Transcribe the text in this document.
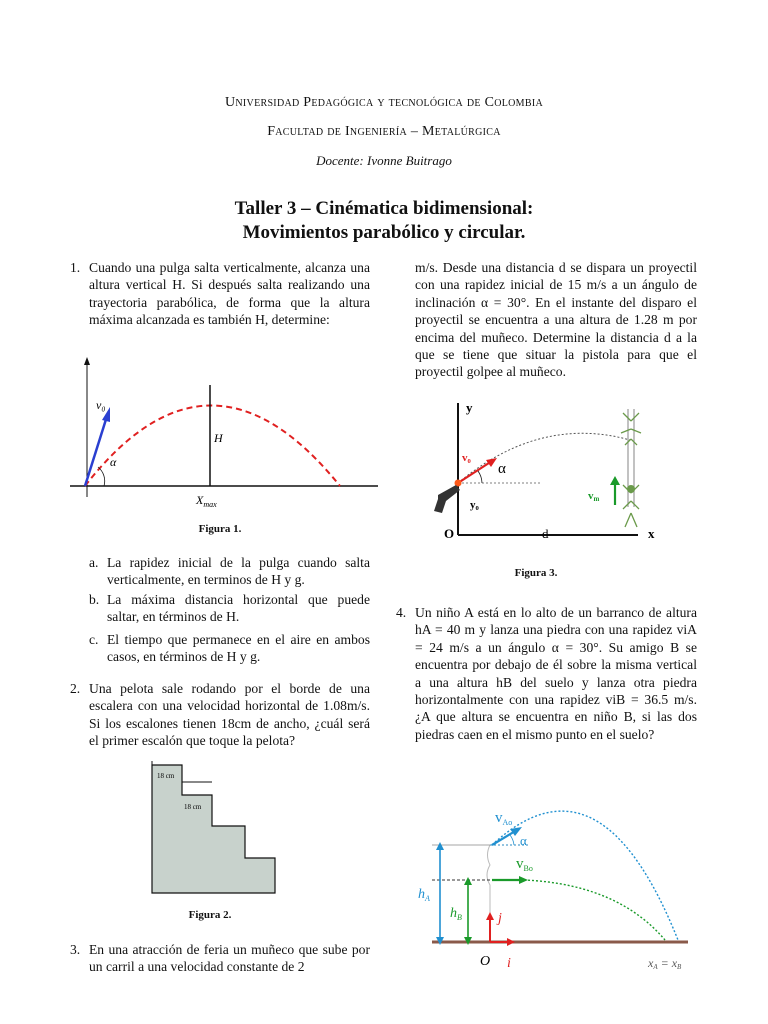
Universidad Pedagógica y tecnológica de Colombia
Facultad de Ingeniería – Metalúrgica
Docente: Ivonne Buitrago
Taller 3 – Cinématica bidimensional:
Movimientos parabólico y circular.
1. Cuando una pulga salta verticalmente, alcanza una altura vertical H. Si después salta realizando una trayectoria parabólica, de forma que la altura máxima alcanzada es también H, determine:
v₀
α
H
$X_{max}$
Figura 1.
a. La rapidez inicial de la pulga cuando salta verticalmente, en terminos de H y g.
b. La máxima distancia horizontal que puede saltar, en términos de H.
c. El tiempo que permanece en el aire en ambos casos, en términos de H y g.
2. Una pelota sale rodando por el borde de una escalera con una velocidad horizontal de 1.08m/s. Si los escalones tienen 18cm de ancho, ¿cuál será el primer escalón que toque la pelota?
18 cm
18 cm
Figura 2.
3. En una atracción de feria un muñeco que sube por un carril a una velocidad constante de 2
m/s. Desde una distancia d se dispara un proyectil con una rapidez inicial de 15 m/s a un ángulo de inclinación α = 30°. En el instante del disparo el proyectil se encuentra a una altura de 1.28 m por encima del muñeco. Determine la distancia d a la que se tiene que situar la pistola para que el proyectil golpee al muñeco.
y
v₀
α
y₀
vm
O	d	x
Figura 3.
4. Un niño A está en lo alto de un barranco de altura hA = 40 m y lanza una piedra con una rapidez viA = 24 m/s a un ángulo α = 30°. Su amigo B se encuentra por debajo de él sobre la misma vertical a una altura hB del suelo y lanza otra piedra horizontalmente con una rapidez viB = 36.5 m/s. ¿A que altura se encuentra en niño B, si las dos piedras caen en el mismo punto en el suelo?
$v_{Ao}$
α
$v_{Bo}$
$h_A$
$h_B$	j
i
O	xA = xB
